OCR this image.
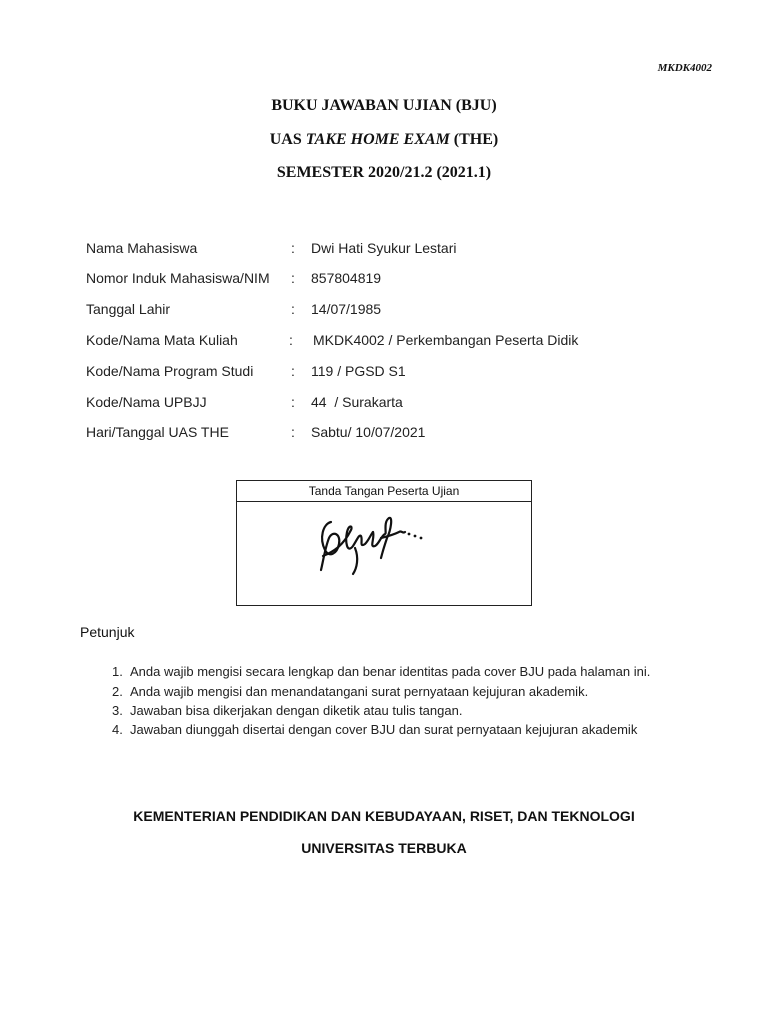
MKDK4002
BUKU JAWABAN UJIAN (BJU)
UAS TAKE HOME EXAM (THE)
SEMESTER 2020/21.2 (2021.1)
Nama Mahasiswa	: Dwi Hati Syukur Lestari
Nomor Induk Mahasiswa/NIM : 857804819
Tanggal Lahir	: 14/07/1985
Kode/Nama Mata Kuliah	: MKDK4002 / Perkembangan Peserta Didik
Kode/Nama Program Studi	: 119 / PGSD S1
Kode/Nama UPBJJ	: 44  / Surakarta
Hari/Tanggal UAS THE	: Sabtu/ 10/07/2021
Tanda Tangan Peserta Ujian
Petunjuk
1. Anda wajib mengisi secara lengkap dan benar identitas pada cover BJU pada halaman ini.
2. Anda wajib mengisi dan menandatangani surat pernyataan kejujuran akademik.
3. Jawaban bisa dikerjakan dengan diketik atau tulis tangan.
4. Jawaban diunggah disertai dengan cover BJU dan surat pernyataan kejujuran akademik
KEMENTERIAN PENDIDIKAN DAN KEBUDAYAAN, RISET, DAN TEKNOLOGI
UNIVERSITAS TERBUKA
